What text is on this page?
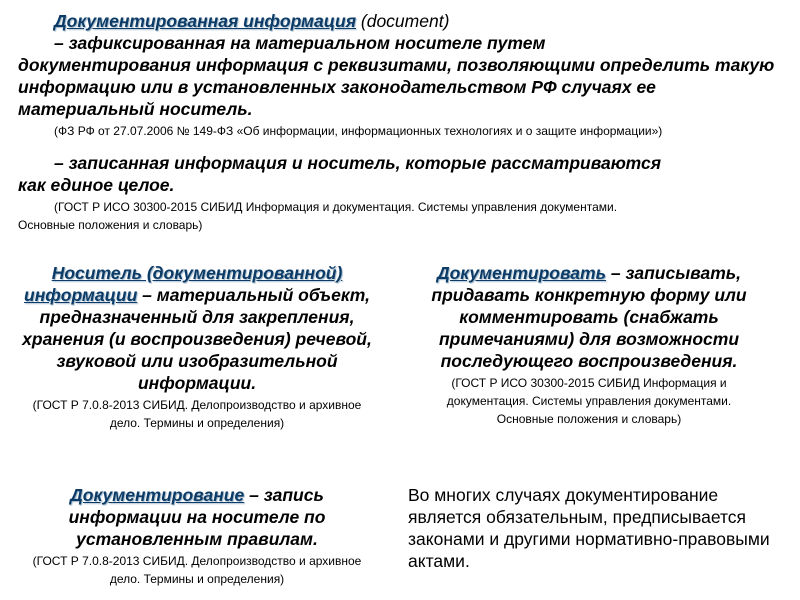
Документированная информация (document)
– зафиксированная на материальном носителе путем
документирования информация с реквизитами, позволяющими определить такую информацию или в установленных законодательством РФ случаях ее материальный носитель.
(ФЗ РФ от 27.07.2006 № 149-ФЗ «Об информации, информационных технологиях и о защите информации»)
– записанная информация и носитель, которые рассматриваются
как единое целое.
(ГОСТ Р ИСО 30300-2015 СИБИД Информация и документация. Системы управления документами.
Основные положения и словарь)
Носитель (документированной) информации – материальный объект, предназначенный для закрепления, хранения (и воспроизведения) речевой, звуковой или изобразительной информации.
(ГОСТ Р 7.0.8-2013 СИБИД. Делопроизводство и архивное дело. Термины и определения)
Документировать – записывать, придавать конкретную форму или комментировать (снабжать примечаниями) для возможности последующего воспроизведения.
(ГОСТ Р ИСО 30300-2015 СИБИД Информация и документация. Системы управления документами. Основные положения и словарь)
Документирование – запись информации на носителе по установленным правилам.
(ГОСТ Р 7.0.8-2013 СИБИД. Делопроизводство и архивное дело. Термины и определения)
Во многих случаях документирование является обязательным, предписывается законами и другими нормативно-правовыми актами.
